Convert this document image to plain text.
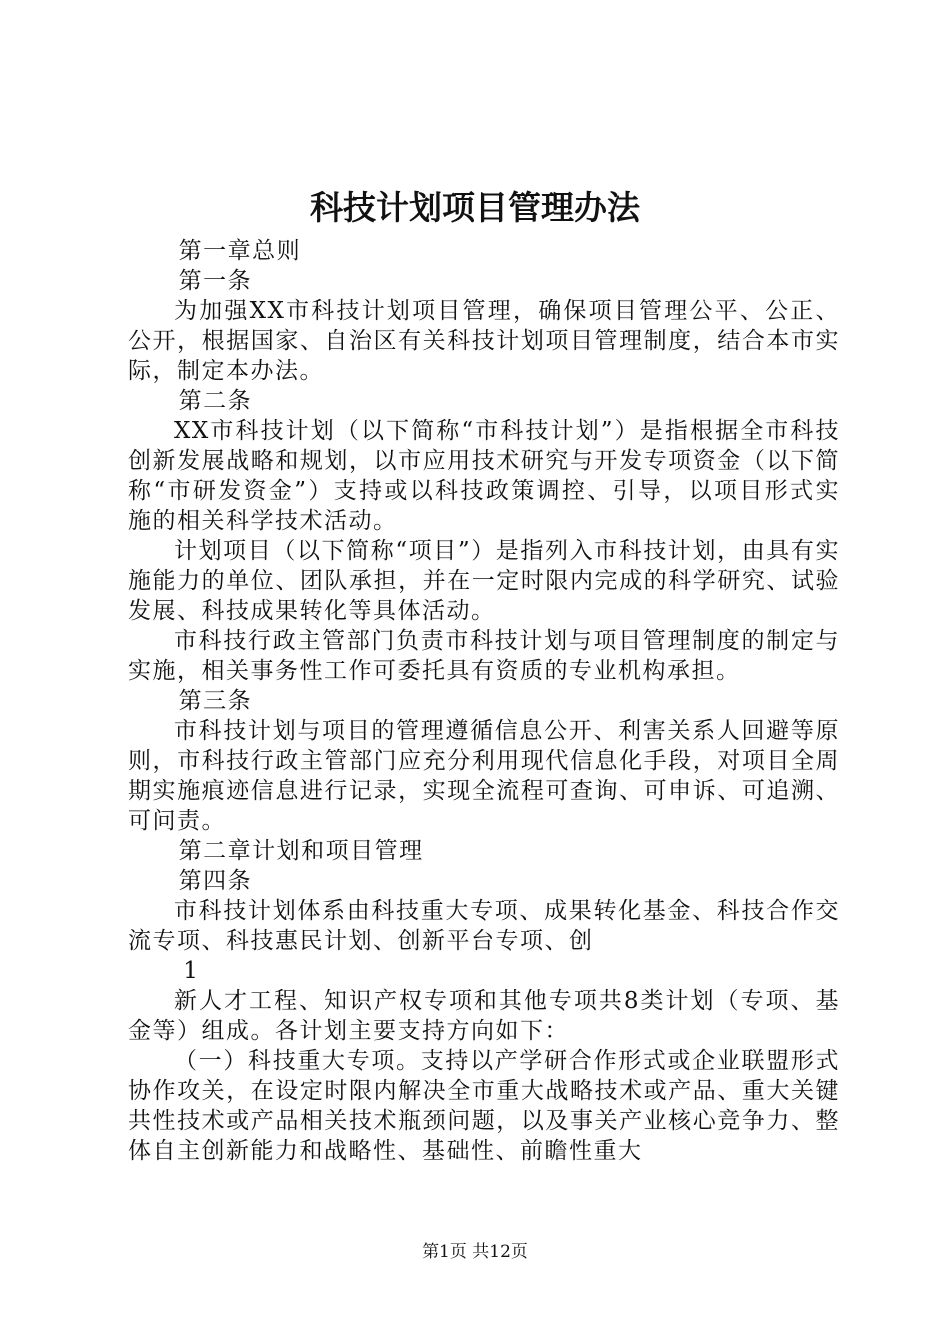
科技计划项目管理办法

第一章总则

第一条

为加强XX市科技计划项目管理，确保项目管理公平、公正、公开，根据国家、自治区有关科技计划项目管理制度，结合本市实际，制定本办法。

第二条

XX市科技计划（以下简称“市科技计划”）是指根据全市科技创新发展战略和规划，以市应用技术研究与开发专项资金（以下简称“市研发资金”）支持或以科技政策调控、引导，以项目形式实施的相关科学技术活动。

计划项目（以下简称“项目”）是指列入市科技计划，由具有实施能力的单位、团队承担，并在一定时限内完成的科学研究、试验发展、科技成果转化等具体活动。

市科技行政主管部门负责市科技计划与项目管理制度的制定与实施，相关事务性工作可委托具有资质的专业机构承担。

第三条

市科技计划与项目的管理遵循信息公开、利害关系人回避等原则，市科技行政主管部门应充分利用现代信息化手段，对项目全周期实施痕迹信息进行记录，实现全流程可查询、可申诉、可追溯、可问责。

第二章计划和项目管理

第四条

市科技计划体系由科技重大专项、成果转化基金、科技合作交流专项、科技惠民计划、创新平台专项、创

1

新人才工程、知识产权专项和其他专项共8类计划（专项、基金等）组成。各计划主要支持方向如下：

（一）科技重大专项。支持以产学研合作形式或企业联盟形式协作攻关，在设定时限内解决全市重大战略技术或产品、重大关键共性技术或产品相关技术瓶颈问题，以及事关产业核心竞争力、整体自主创新能力和战略性、基础性、前瞻性重大

第1页 共12页
